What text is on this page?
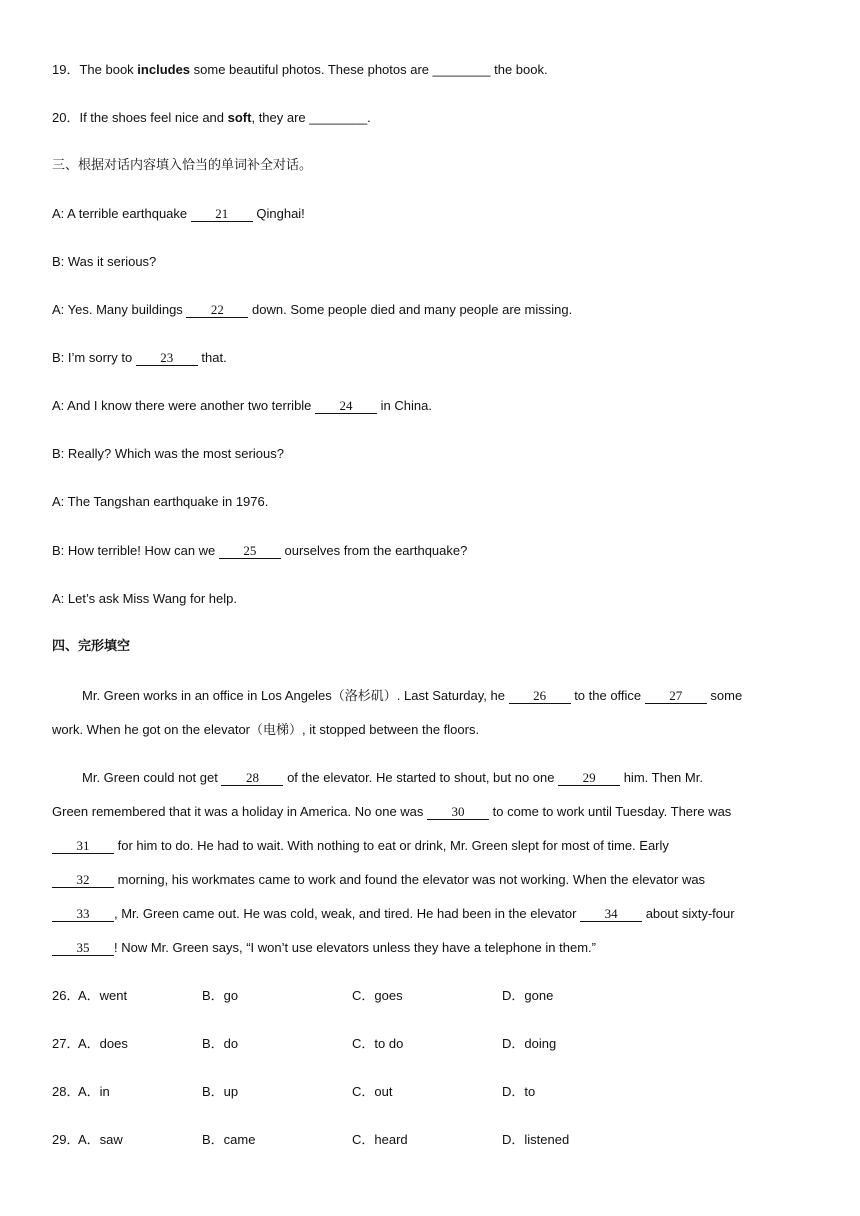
19．The book includes some beautiful photos. These photos are ________ the book.
20．If the shoes feel nice and soft, they are ________.
三、根据对话内容填入恰当的单词补全对话。
A: A terrible earthquake 21 Qinghai!
B: Was it serious?
A: Yes. Many buildings 22 down. Some people died and many people are missing.
B: I’m sorry to 23 that.
A: And I know there were another two terrible 24 in China.
B: Really? Which was the most serious?
A: The Tangshan earthquake in 1976.
B: How terrible! How can we 25 ourselves from the earthquake?
A: Let’s ask Miss Wang for help.
四、完形填空
Mr. Green works in an office in Los Angeles（洛杉矶）. Last Saturday, he 26 to the office 27 some
work. When he got on the elevator（电梯）, it stopped between the floors.
Mr. Green could not get 28 of the elevator. He started to shout, but no one 29 him. Then Mr.
Green remembered that it was a holiday in America. No one was 30 to come to work until Tuesday. There was
31 for him to do. He had to wait. With nothing to eat or drink, Mr. Green slept for most of time. Early
32 morning, his workmates came to work and found the elevator was not working. When the elevator was
33 , Mr. Green came out. He was cold, weak, and tired. He had been in the elevator 34 about sixty-four
35 ! Now Mr. Green says, “I won’t use elevators unless they have a telephone in them.”
26．
A．went	B．go	C．goes	D．gone
27．
A．does	B．do	C．to do	D．doing
28．
A．in	B．up	C．out	D．to
29．
A．saw	B．came	C．heard	D．listened
